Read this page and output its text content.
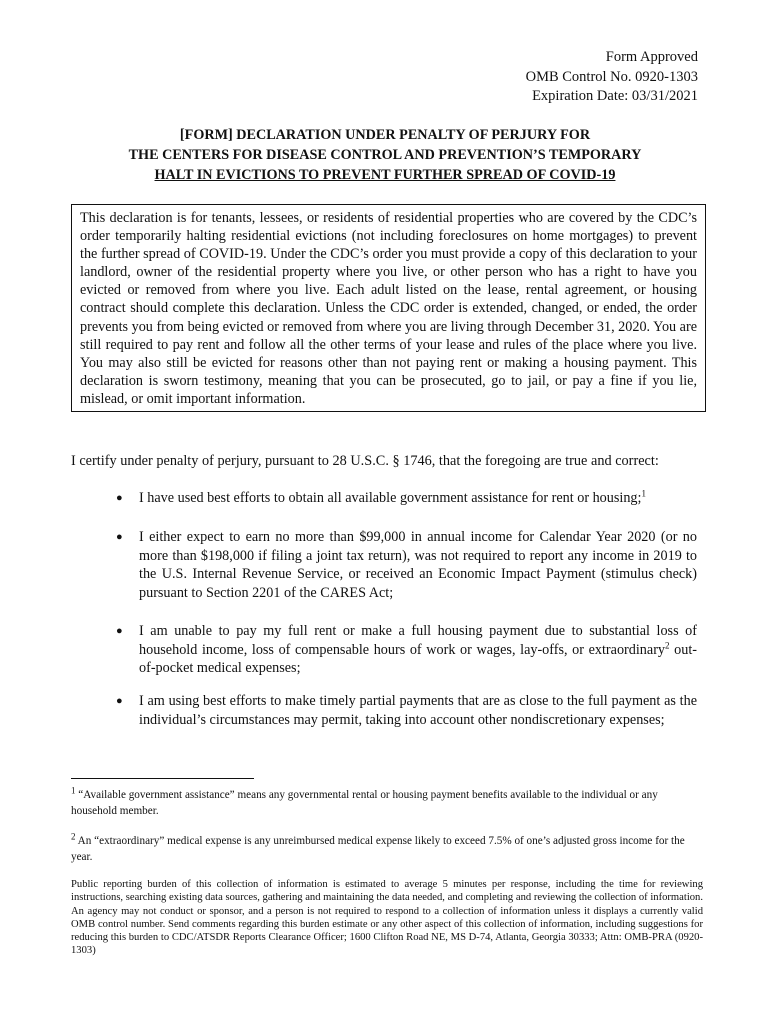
Form Approved
OMB Control No. 0920-1303
Expiration Date: 03/31/2021
[FORM] DECLARATION UNDER PENALTY OF PERJURY FOR
THE CENTERS FOR DISEASE CONTROL AND PREVENTION’S TEMPORARY
HALT IN EVICTIONS TO PREVENT FURTHER SPREAD OF COVID-19
This declaration is for tenants, lessees, or residents of residential properties who are covered by the CDC’s order temporarily halting residential evictions (not including foreclosures on home mortgages) to prevent the further spread of COVID-19. Under the CDC’s order you must provide a copy of this declaration to your landlord, owner of the residential property where you live, or other person who has a right to have you evicted or removed from where you live. Each adult listed on the lease, rental agreement, or housing contract should complete this declaration. Unless the CDC order is extended, changed, or ended, the order prevents you from being evicted or removed from where you are living through December 31, 2020. You are still required to pay rent and follow all the other terms of your lease and rules of the place where you live. You may also still be evicted for reasons other than not paying rent or making a housing payment. This declaration is sworn testimony, meaning that you can be prosecuted, go to jail, or pay a fine if you lie, mislead, or omit important information.
I certify under penalty of perjury, pursuant to 28 U.S.C. § 1746, that the foregoing are true and correct:
● I have used best efforts to obtain all available government assistance for rent or housing;$^1$
● I either expect to earn no more than $99,000 in annual income for Calendar Year 2020 (or no more than $198,000 if filing a joint tax return), was not required to report any income in 2019 to the U.S. Internal Revenue Service, or received an Economic Impact Payment (stimulus check) pursuant to Section 2201 of the CARES Act;
● I am unable to pay my full rent or make a full housing payment due to substantial loss of household income, loss of compensable hours of work or wages, lay-offs, or extraordinary$^2$ out-of-pocket medical expenses;
● I am using best efforts to make timely partial payments that are as close to the full payment as the individual’s circumstances may permit, taking into account other nondiscretionary expenses;
$^1$ “Available government assistance” means any governmental rental or housing payment benefits available to the individual or any household member.
$^2$ An “extraordinary” medical expense is any unreimbursed medical expense likely to exceed 7.5% of one’s adjusted gross income for the year.
Public reporting burden of this collection of information is estimated to average 5 minutes per response, including the time for reviewing instructions, searching existing data sources, gathering and maintaining the data needed, and completing and reviewing the collection of information. An agency may not conduct or sponsor, and a person is not required to respond to a collection of information unless it displays a currently valid OMB control number. Send comments regarding this burden estimate or any other aspect of this collection of information, including suggestions for reducing this burden to CDC/ATSDR Reports Clearance Officer; 1600 Clifton Road NE, MS D-74, Atlanta, Georgia 30333; Attn: OMB-PRA (0920-1303)
